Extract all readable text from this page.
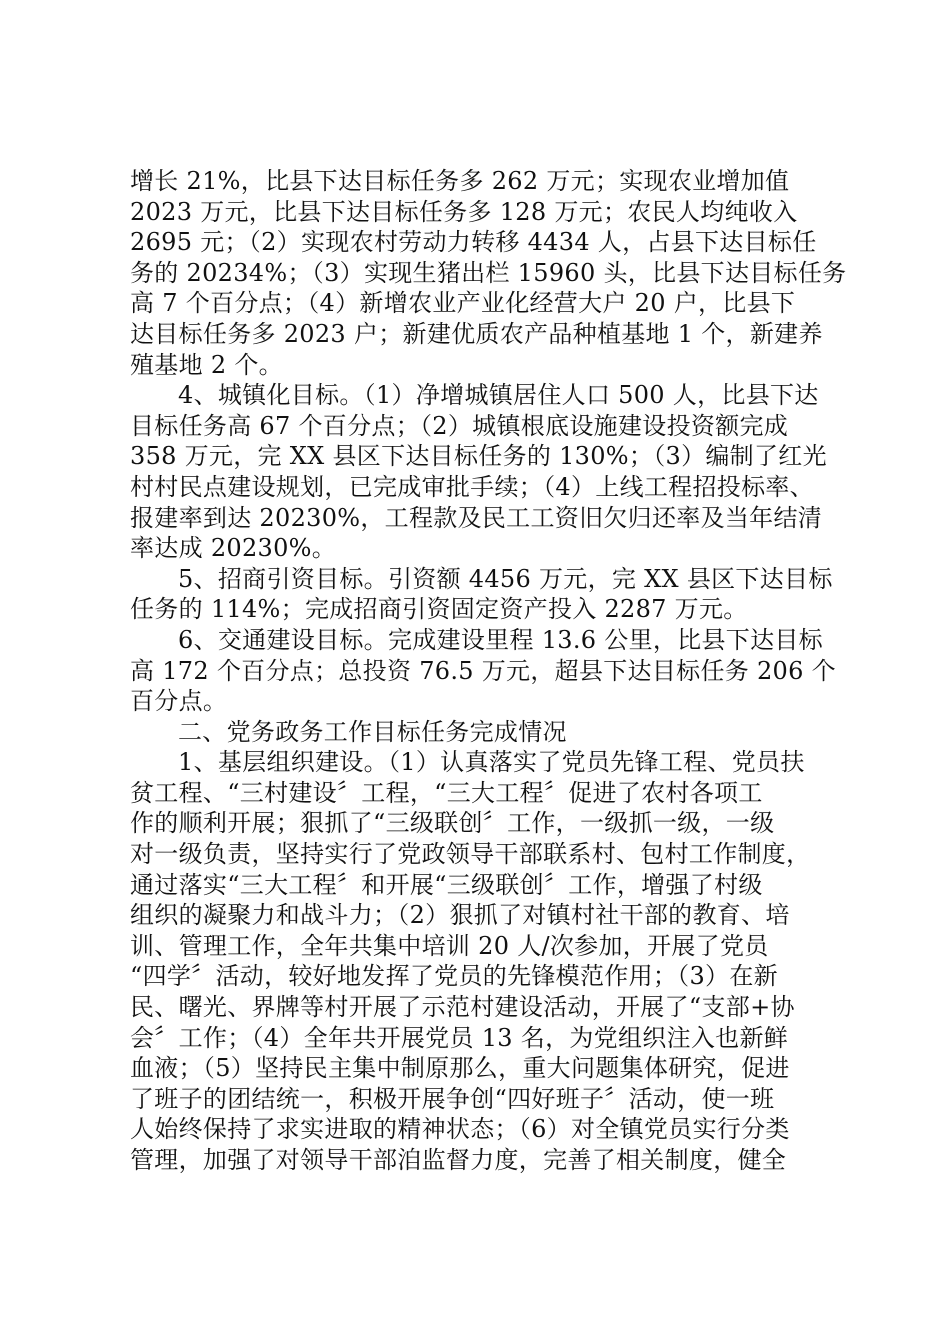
增长 21%，比县下达目标任务多 262 万元；实现农业增加值
2023 万元，比县下达目标任务多 128 万元；农民人均纯收入
2695 元；（2）实现农村劳动力转移 4434 人，占县下达目标任
务的 20234%；（3）实现生猪出栏 15960 头，比县下达目标任务
高 7 个百分点；（4）新增农业产业化经营大户 20 户，比县下
达目标任务多 2023 户；新建优质农产品种植基地 1 个，新建养
殖基地 2 个。
4、城镇化目标。（1）净增城镇居住人口 500 人，比县下达
目标任务高 67 个百分点；（2）城镇根底设施建设投资额完成
358 万元，完 XX 县区下达目标任务的 130%；（3）编制了红光
村村民点建设规划，已完成审批手续；（4）上线工程招投标率、
报建率到达 20230%，工程款及民工工资旧欠归还率及当年结清
率达成 20230%。
5、招商引资目标。引资额 4456 万元，完 XX 县区下达目标
任务的 114%；完成招商引资固定资产投入 2287 万元。
6、交通建设目标。完成建设里程 13.6 公里，比县下达目标
高 172 个百分点；总投资 76.5 万元，超县下达目标任务 206 个
百分点。
二、党务政务工作目标任务完成情况
1、基层组织建设。（1）认真落实了党员先锋工程、党员扶
贫工程、“三村建设〞工程，“三大工程〞促进了农村各项工
作的顺利开展；狠抓了“三级联创〞工作，一级抓一级，一级
对一级负责，坚持实行了党政领导干部联系村、包村工作制度，
通过落实“三大工程〞和开展“三级联创〞工作，增强了村级
组织的凝聚力和战斗力；（2）狠抓了对镇村社干部的教育、培
训、管理工作，全年共集中培训 20 人/次参加，开展了党员
“四学〞活动，较好地发挥了党员的先锋模范作用；（3）在新
民、曙光、界牌等村开展了示范村建设活动，开展了“支部+协
会〞工作；（4）全年共开展党员 13 名，为党组织注入也新鲜
血液；（5）坚持民主集中制原那么，重大问题集体研究，促进
了班子的团结统一，积极开展争创“四好班子〞活动，使一班
人始终保持了求实进取的精神状态；（6）对全镇党员实行分类
管理，加强了对领导干部洎监督力度，完善了相关制度，健全
